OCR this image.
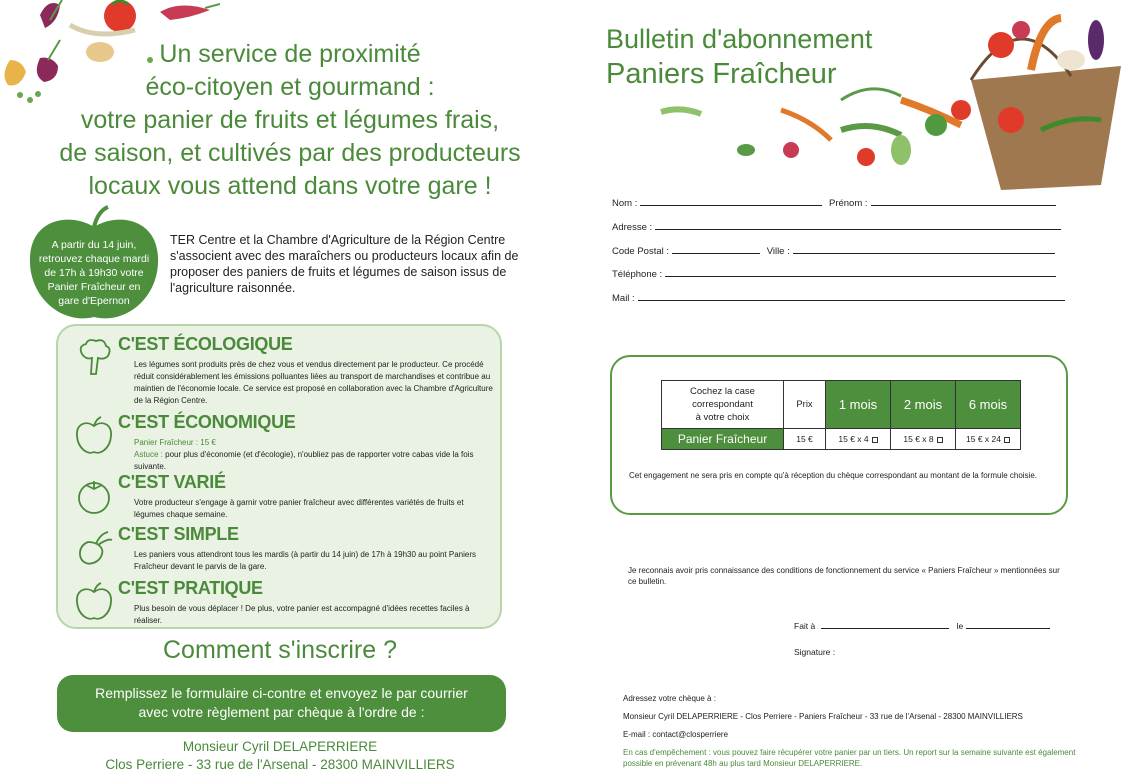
Un service de proximité
éco-citoyen et gourmand :
votre panier de fruits et légumes frais,
de saison, et cultivés par des producteurs
locaux vous attend dans votre gare !
A partir du 14 juin, retrouvez chaque mardi de 17h à 19h30 votre Panier Fraîcheur en gare d'Epernon
TER Centre et la Chambre d'Agriculture de la Région Centre s'associent avec des maraîchers ou producteurs locaux afin de proposer des paniers de fruits et légumes de saison issus de l'agriculture raisonnée.
C'EST ÉCOLOGIQUE
Les légumes sont produits près de chez vous et vendus directement par le producteur. Ce procédé réduit considérablement les émissions polluantes liées au transport de marchandises et contribue au maintien de l'économie locale. Ce service est proposé en collaboration avec la Chambre d'Agriculture de la Région Centre.
C'EST ÉCONOMIQUE
Panier Fraîcheur : 15 €
Astuce : pour plus d'économie (et d'écologie), n'oubliez pas de rapporter votre cabas vide la fois suivante.
C'EST VARIÉ
Votre producteur s'engage à garnir votre panier fraîcheur avec différentes variétés de fruits et légumes chaque semaine.
C'EST SIMPLE
Les paniers vous attendront tous les mardis (à partir du 14 juin) de 17h à 19h30 au point Paniers Fraîcheur devant le parvis de la gare.
C'EST PRATIQUE
Plus besoin de vous déplacer ! De plus, votre panier est accompagné d'idées recettes faciles à réaliser.
Comment s'inscrire ?
Remplissez le formulaire ci-contre et envoyez le par courrier
avec votre règlement par chèque à l'ordre de :
Monsieur Cyril DELAPERRIERE
Clos Perriere - 33 rue de l'Arsenal - 28300 MAINVILLIERS
Bulletin d'abonnement
Paniers Fraîcheur
Nom :	Prénom :
Adresse :
Code Postal :	Ville :
Téléphone :
Mail :
Cochez la case
correspondant
à votre choix	Prix	1 mois	2 mois	6 mois
Panier Fraîcheur	15 €	15 € x 4	15 € x 8	15 € x 24
Cet engagement ne sera pris en compte qu'à réception du chèque correspondant au montant de la formule choisie.
Je reconnais avoir pris connaissance des conditions de fonctionnement du service « Paniers Fraîcheur » mentionnées sur ce bulletin.
Fait à	le
Signature :
Adressez votre chèque à :
Monsieur Cyril DELAPERRIERE - Clos Perriere - Paniers Fraîcheur - 33 rue de l'Arsenal - 28300 MAINVILLIERS
E-mail : contact@closperriere
En cas d'empêchement : vous pouvez faire récupérer votre panier par un tiers. Un report sur la semaine suivante est également possible en prévenant 48h au plus tard Monsieur DELAPERRIERE.
